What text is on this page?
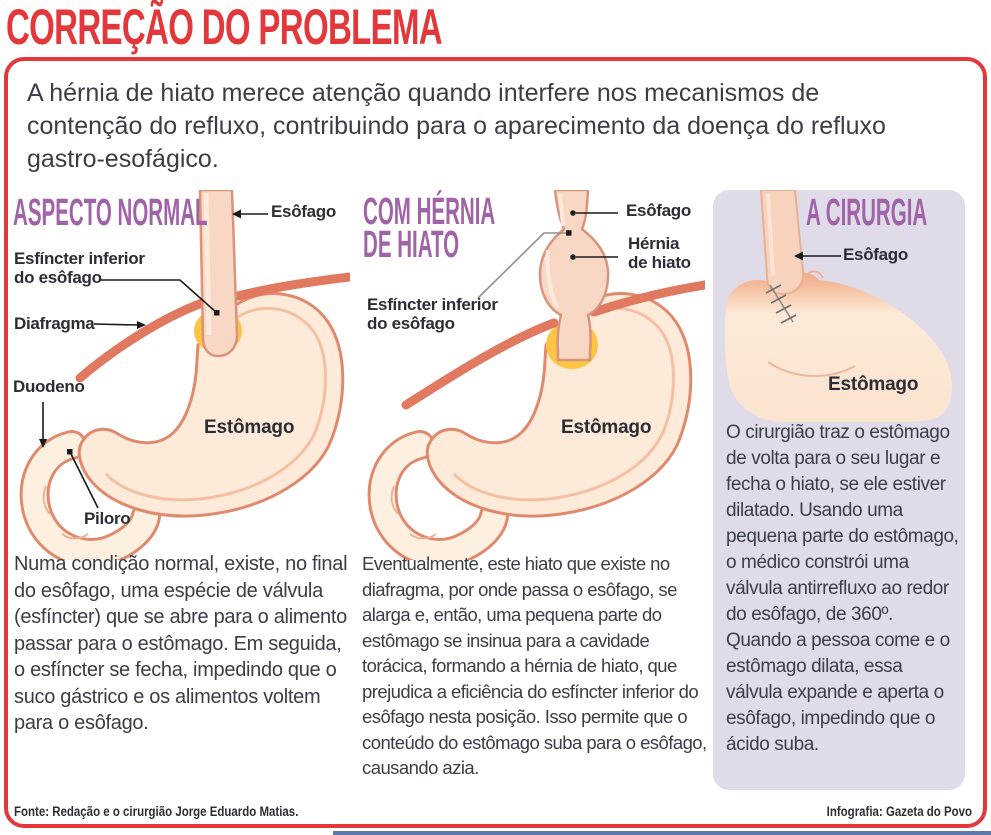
CORREÇÃO DO PROBLEMA
A hérnia de hiato merece atenção quando interfere nos mecanismos de
contenção do refluxo, contribuindo para o aparecimento da doença do refluxo
gastro-esofágico.
ASPECTO NORMAL	Esôfago
Esfíncter inferior do esôfago
Diafragma
Duodeno
Estômago
Piloro
Numa condição normal, existe, no final do esôfago, uma espécie de válvula (esfíncter) que se abre para o alimento passar para o estômago. Em seguida, o esfíncter se fecha, impedindo que o suco gástrico e os alimentos voltem para o esôfago.
COM HÉRNIA DE HIATO
Esôfago
Hérnia de hiato
Esfíncter inferior do esôfago
Estômago
Eventualmente, este hiato que existe no diafragma, por onde passa o esôfago, se alarga e, então, uma pequena parte do estômago se insinua para a cavidade torácica, formando a hérnia de hiato, que prejudica a eficiência do esfíncter inferior do esôfago nesta posição. Isso permite que o conteúdo do estômago suba para o esôfago, causando azia.
A CIRURGIA
Esôfago
Estômago
O cirurgião traz o estômago de volta para o seu lugar e fecha o hiato, se ele estiver dilatado. Usando uma pequena parte do estômago, o médico constrói uma válvula antirrefluxo ao redor do esôfago, de 360º. Quando a pessoa come e o estômago dilata, essa válvula expande e aperta o esôfago, impedindo que o ácido suba.
Fonte: Redação e o cirurgião Jorge Eduardo Matias.	Infografia: Gazeta do Povo
